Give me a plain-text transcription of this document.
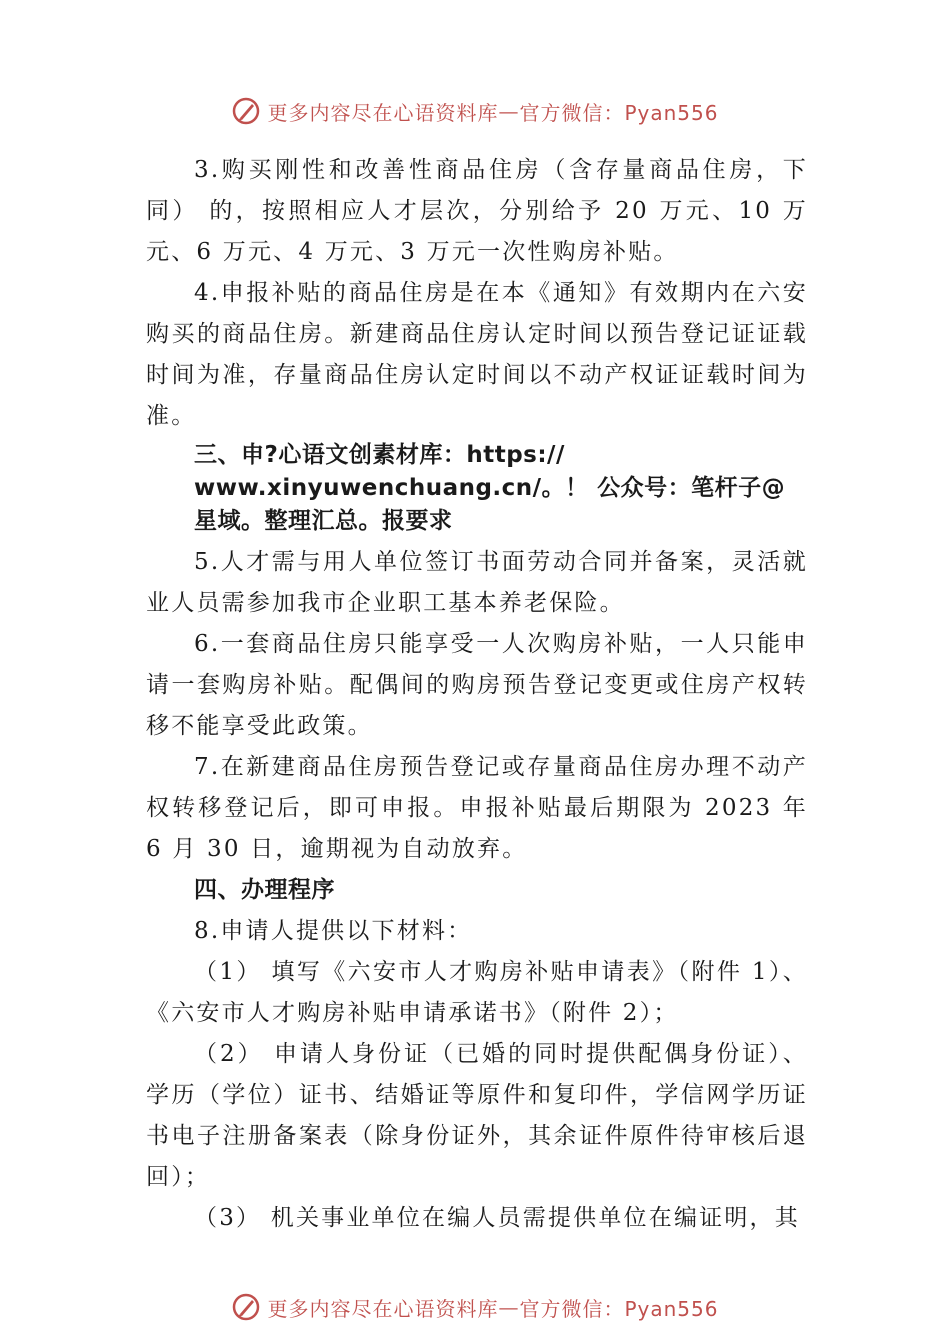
更多内容尽在心语资料库 — 官方微信：Pyan556

3.购买刚性和改善性商品住房（含存量商品住房，下同） 的，按照相应人才层次，分别给予 20 万元、10 万元、6 万元、4 万元、3 万元一次性购房补贴。

4.申报补贴的商品住房是在本《通知》有效期内在六安购买的商品住房。新建商品住房认定时间以预告登记证证载时间为准，存量商品住房认定时间以不动产权证证载时间为准。

三、申?心语文创素材库：https:// www.xinyuwenchuang.cn/。！ 公众号：笔杆子@星域。整理汇总。报要求

5.人才需与用人单位签订书面劳动合同并备案，灵活就业人员需参加我市企业职工基本养老保险。

6.一套商品住房只能享受一人次购房补贴，一人只能申请一套购房补贴。配偶间的购房预告登记变更或住房产权转移不能享受此政策。

7.在新建商品住房预告登记或存量商品住房办理不动产权转移登记后，即可申报。申报补贴最后期限为 2023 年 6 月 30 日，逾期视为自动放弃。

四、办理程序

8.申请人提供以下材料：

（1） 填写《六安市人才购房补贴申请表》（附件 1）、《六安市人才购房补贴申请承诺书》（附件 2）；

（2） 申请人身份证（已婚的同时提供配偶身份证）、学历（学位）证书、结婚证等原件和复印件，学信网学历证书电子注册备案表（除身份证外，其余证件原件待审核后退回）；

（3） 机关事业单位在编人员需提供单位在编证明，其

更多内容尽在心语资料库 — 官方微信：Pyan556
